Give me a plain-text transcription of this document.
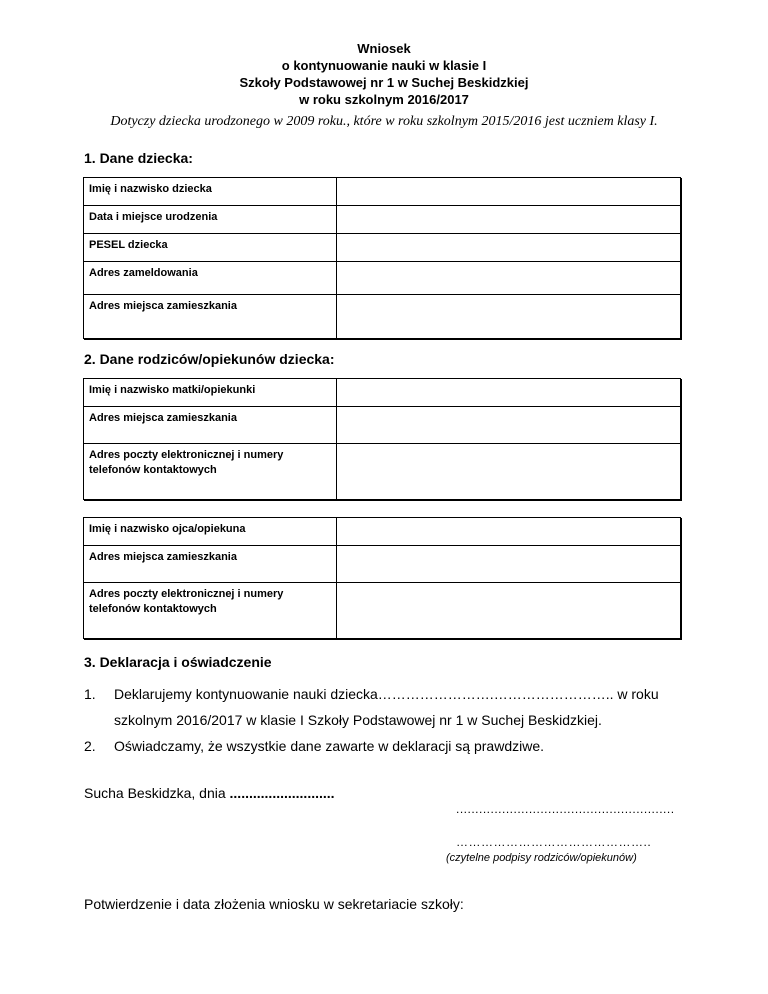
Wniosek
o kontynuowanie nauki w klasie I
Szkoły Podstawowej nr 1 w Suchej Beskidzkiej
w roku szkolnym 2016/2017
Dotyczy dziecka urodzonego w 2009 roku., które w roku szkolnym 2015/2016 jest uczniem klasy I.
1. Dane dziecka:
Imię i nazwisko dziecka	
Data i miejsce urodzenia	
PESEL dziecka	
Adres zameldowania	
Adres miejsca zamieszkania	
2. Dane rodziców/opiekunów dziecka:
Imię i nazwisko matki/opiekunki	
Adres miejsca zamieszkania	
Adres poczty elektronicznej i numery telefonów kontaktowych	
Imię i nazwisko ojca/opiekuna	
Adres miejsca zamieszkania	
Adres poczty elektronicznej i numery telefonów kontaktowych	
3. Deklaracja i oświadczenie
1. Deklarujemy kontynuowanie nauki dziecka…………………….…………………….. w roku
szkolnym 2016/2017 w klasie I Szkoły Podstawowej nr 1 w Suchej Beskidzkiej.
2. Oświadczamy, że wszystkie dane zawarte w deklaracji są prawdziwe.
Sucha Beskidzka, dnia ...........................
.........................................................
………………………………………..
(czytelne podpisy rodziców/opiekunów)
Potwierdzenie i data złożenia wniosku w sekretariacie szkoły:
